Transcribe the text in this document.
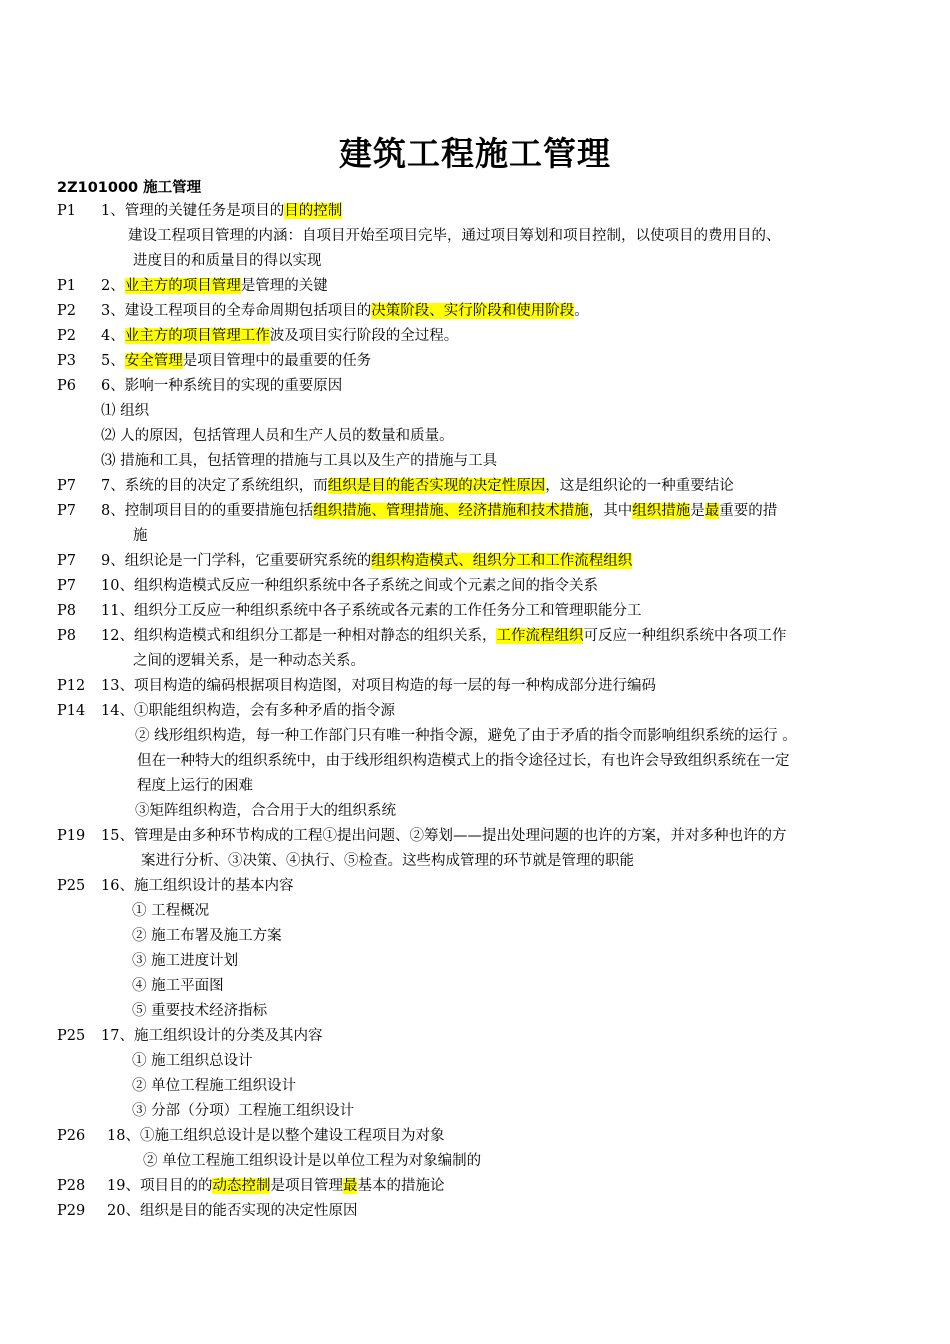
建筑工程施工管理
2Z101000 施工管理
P1 1、管理的关键任务是项目的目的控制
建设工程项目管理的内涵：自项目开始至项目完毕，通过项目筹划和项目控制，以使项目的费用目的、
进度目的和质量目的得以实现
P1 2、业主方的项目管理是管理的关键
P2 3、建设工程项目的全寿命周期包括项目的决策阶段、实行阶段和使用阶段。
P2 4、业主方的项目管理工作波及项目实行阶段的全过程。
P3 5、安全管理是项目管理中的最重要的任务
P6 6、影响一种系统目的实现的重要原因
⑴ 组织
⑵ 人的原因，包括管理人员和生产人员的数量和质量。
⑶ 措施和工具，包括管理的措施与工具以及生产的措施与工具
P7 7、系统的目的决定了系统组织，而组织是目的能否实现的决定性原因，这是组织论的一种重要结论
P7 8、控制项目目的的重要措施包括组织措施、管理措施、经济措施和技术措施，其中组织措施是最重要的措
施
P7 9、组织论是一门学科，它重要研究系统的组织构造模式、组织分工和工作流程组织
P7 10、组织构造模式反应一种组织系统中各子系统之间或个元素之间的指令关系
P8 11、组织分工反应一种组织系统中各子系统或各元素的工作任务分工和管理职能分工
P8 12、组织构造模式和组织分工都是一种相对静态的组织关系，工作流程组织可反应一种组织系统中各项工作
之间的逻辑关系，是一种动态关系。
P12 13、项目构造的编码根据项目构造图，对项目构造的每一层的每一种构成部分进行编码
P14 14、①职能组织构造，会有多种矛盾的指令源
② 线形组织构造，每一种工作部门只有唯一种指令源，避免了由于矛盾的指令而影响组织系统的运行 。
但在一种特大的组织系统中，由于线形组织构造模式上的指令途径过长，有也许会导致组织系统在一定
程度上运行的困难
③矩阵组织构造，合合用于大的组织系统
P19 15、管理是由多种环节构成的工程①提出问题、②筹划——提出处理问题的也许的方案，并对多种也许的方
案进行分析、③决策、④执行、⑤检查。这些构成管理的环节就是管理的职能
P25 16、施工组织设计的基本内容
① 工程概况
② 施工布署及施工方案
③ 施工进度计划
④ 施工平面图
⑤ 重要技术经济指标
P25 17、施工组织设计的分类及其内容
① 施工组织总设计
② 单位工程施工组织设计
③ 分部（分项）工程施工组织设计
P26 18、①施工组织总设计是以整个建设工程项目为对象
② 单位工程施工组织设计是以单位工程为对象编制的
P28 19、项目目的的动态控制是项目管理最基本的措施论
P29 20、组织是目的能否实现的决定性原因
